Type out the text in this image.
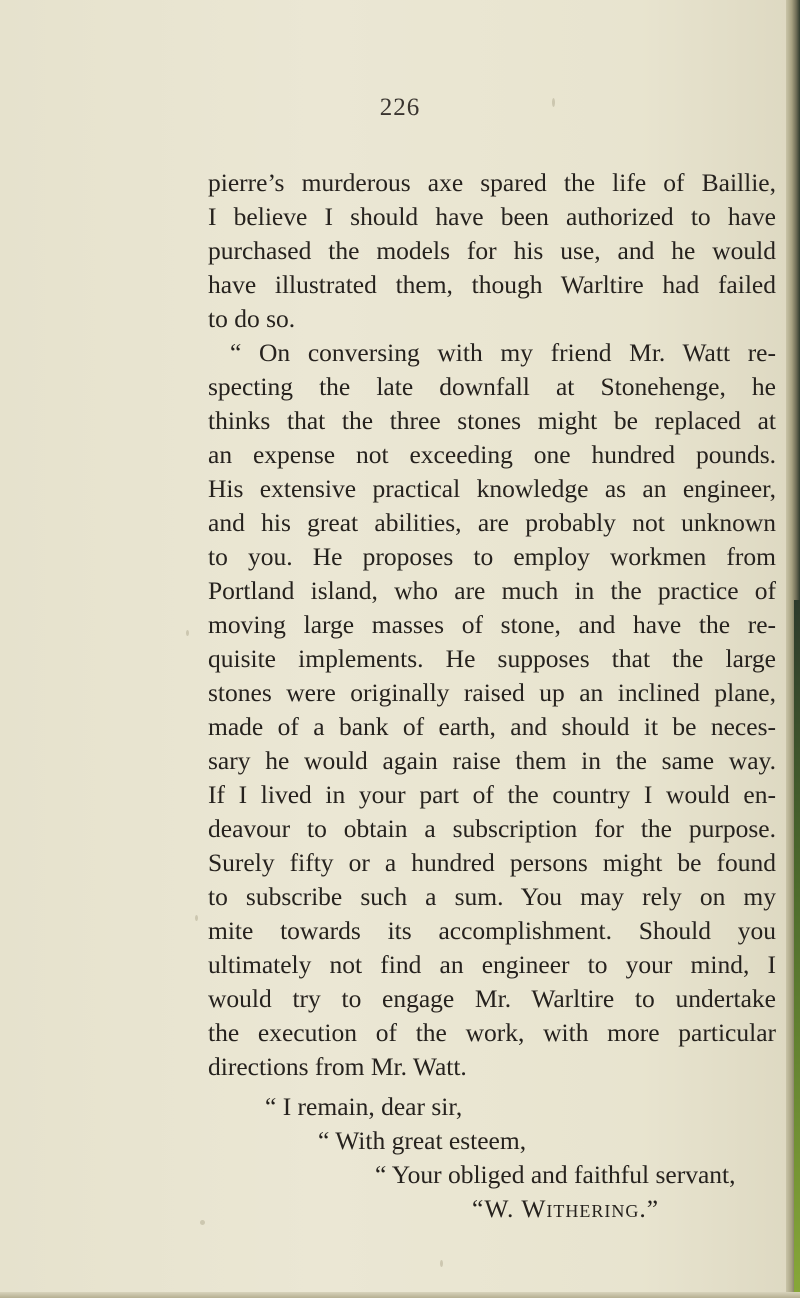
226
pierre’s murderous axe spared the life of Baillie,
I believe I should have been authorized to have
purchased the models for his use, and he would
have illustrated them, though Warltire had failed
to do so.
“ On conversing with my friend Mr. Watt re-
specting the late downfall at Stonehenge, he
thinks that the three stones might be replaced at
an expense not exceeding one hundred pounds.
His extensive practical knowledge as an engineer,
and his great abilities, are probably not unknown
to you. He proposes to employ workmen from
Portland island, who are much in the practice of
moving large masses of stone, and have the re-
quisite implements. He supposes that the large
stones were originally raised up an inclined plane,
made of a bank of earth, and should it be neces-
sary he would again raise them in the same way.
If I lived in your part of the country I would en-
deavour to obtain a subscription for the purpose.
Surely fifty or a hundred persons might be found
to subscribe such a sum. You may rely on my
mite towards its accomplishment. Should you
ultimately not find an engineer to your mind, I
would try to engage Mr. Warltire to undertake
the execution of the work, with more particular
directions from Mr. Watt.
“ I remain, dear sir,
“ With great esteem,
“ Your obliged and faithful servant,
“W. Withering.”
